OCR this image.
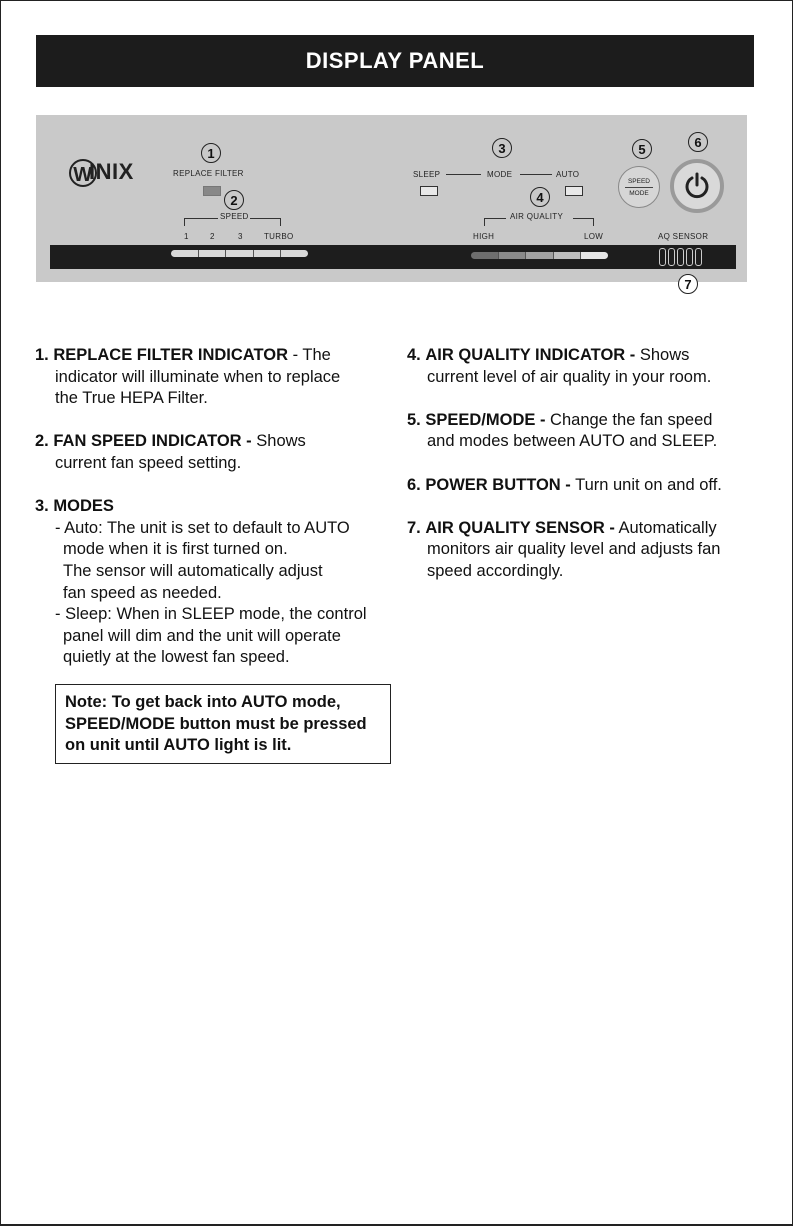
DISPLAY PANEL
WINIX
1
REPLACE FILTER
2
SPEED
1	2	3	TURBO
3
SLEEP	MODE	AUTO
4
AIR QUALITY
HIGH	LOW
5
SPEED
MODE
6
AQ SENSOR
7

1. REPLACE FILTER INDICATOR - The

indicator will illuminate when to replace

the True HEPA Filter.

2. FAN SPEED INDICATOR - Shows

current fan speed setting.

3. MODES

- Auto: The unit is set to default to AUTO

mode when it is first turned on.

The sensor will automatically adjust

fan speed as needed.

- Sleep: When in SLEEP mode, the control

panel will dim and the unit will operate

quietly at the lowest fan speed.

Note: To get back into AUTO mode,

SPEED/MODE button must be pressed

on unit until AUTO light is lit.

4. AIR QUALITY INDICATOR - Shows

current level of air quality in your room.

5. SPEED/MODE - Change the fan speed

and modes between AUTO and SLEEP.

6. POWER BUTTON - Turn unit on and off.

7. AIR QUALITY SENSOR - Automatically

monitors air quality level and adjusts fan

speed accordingly.
